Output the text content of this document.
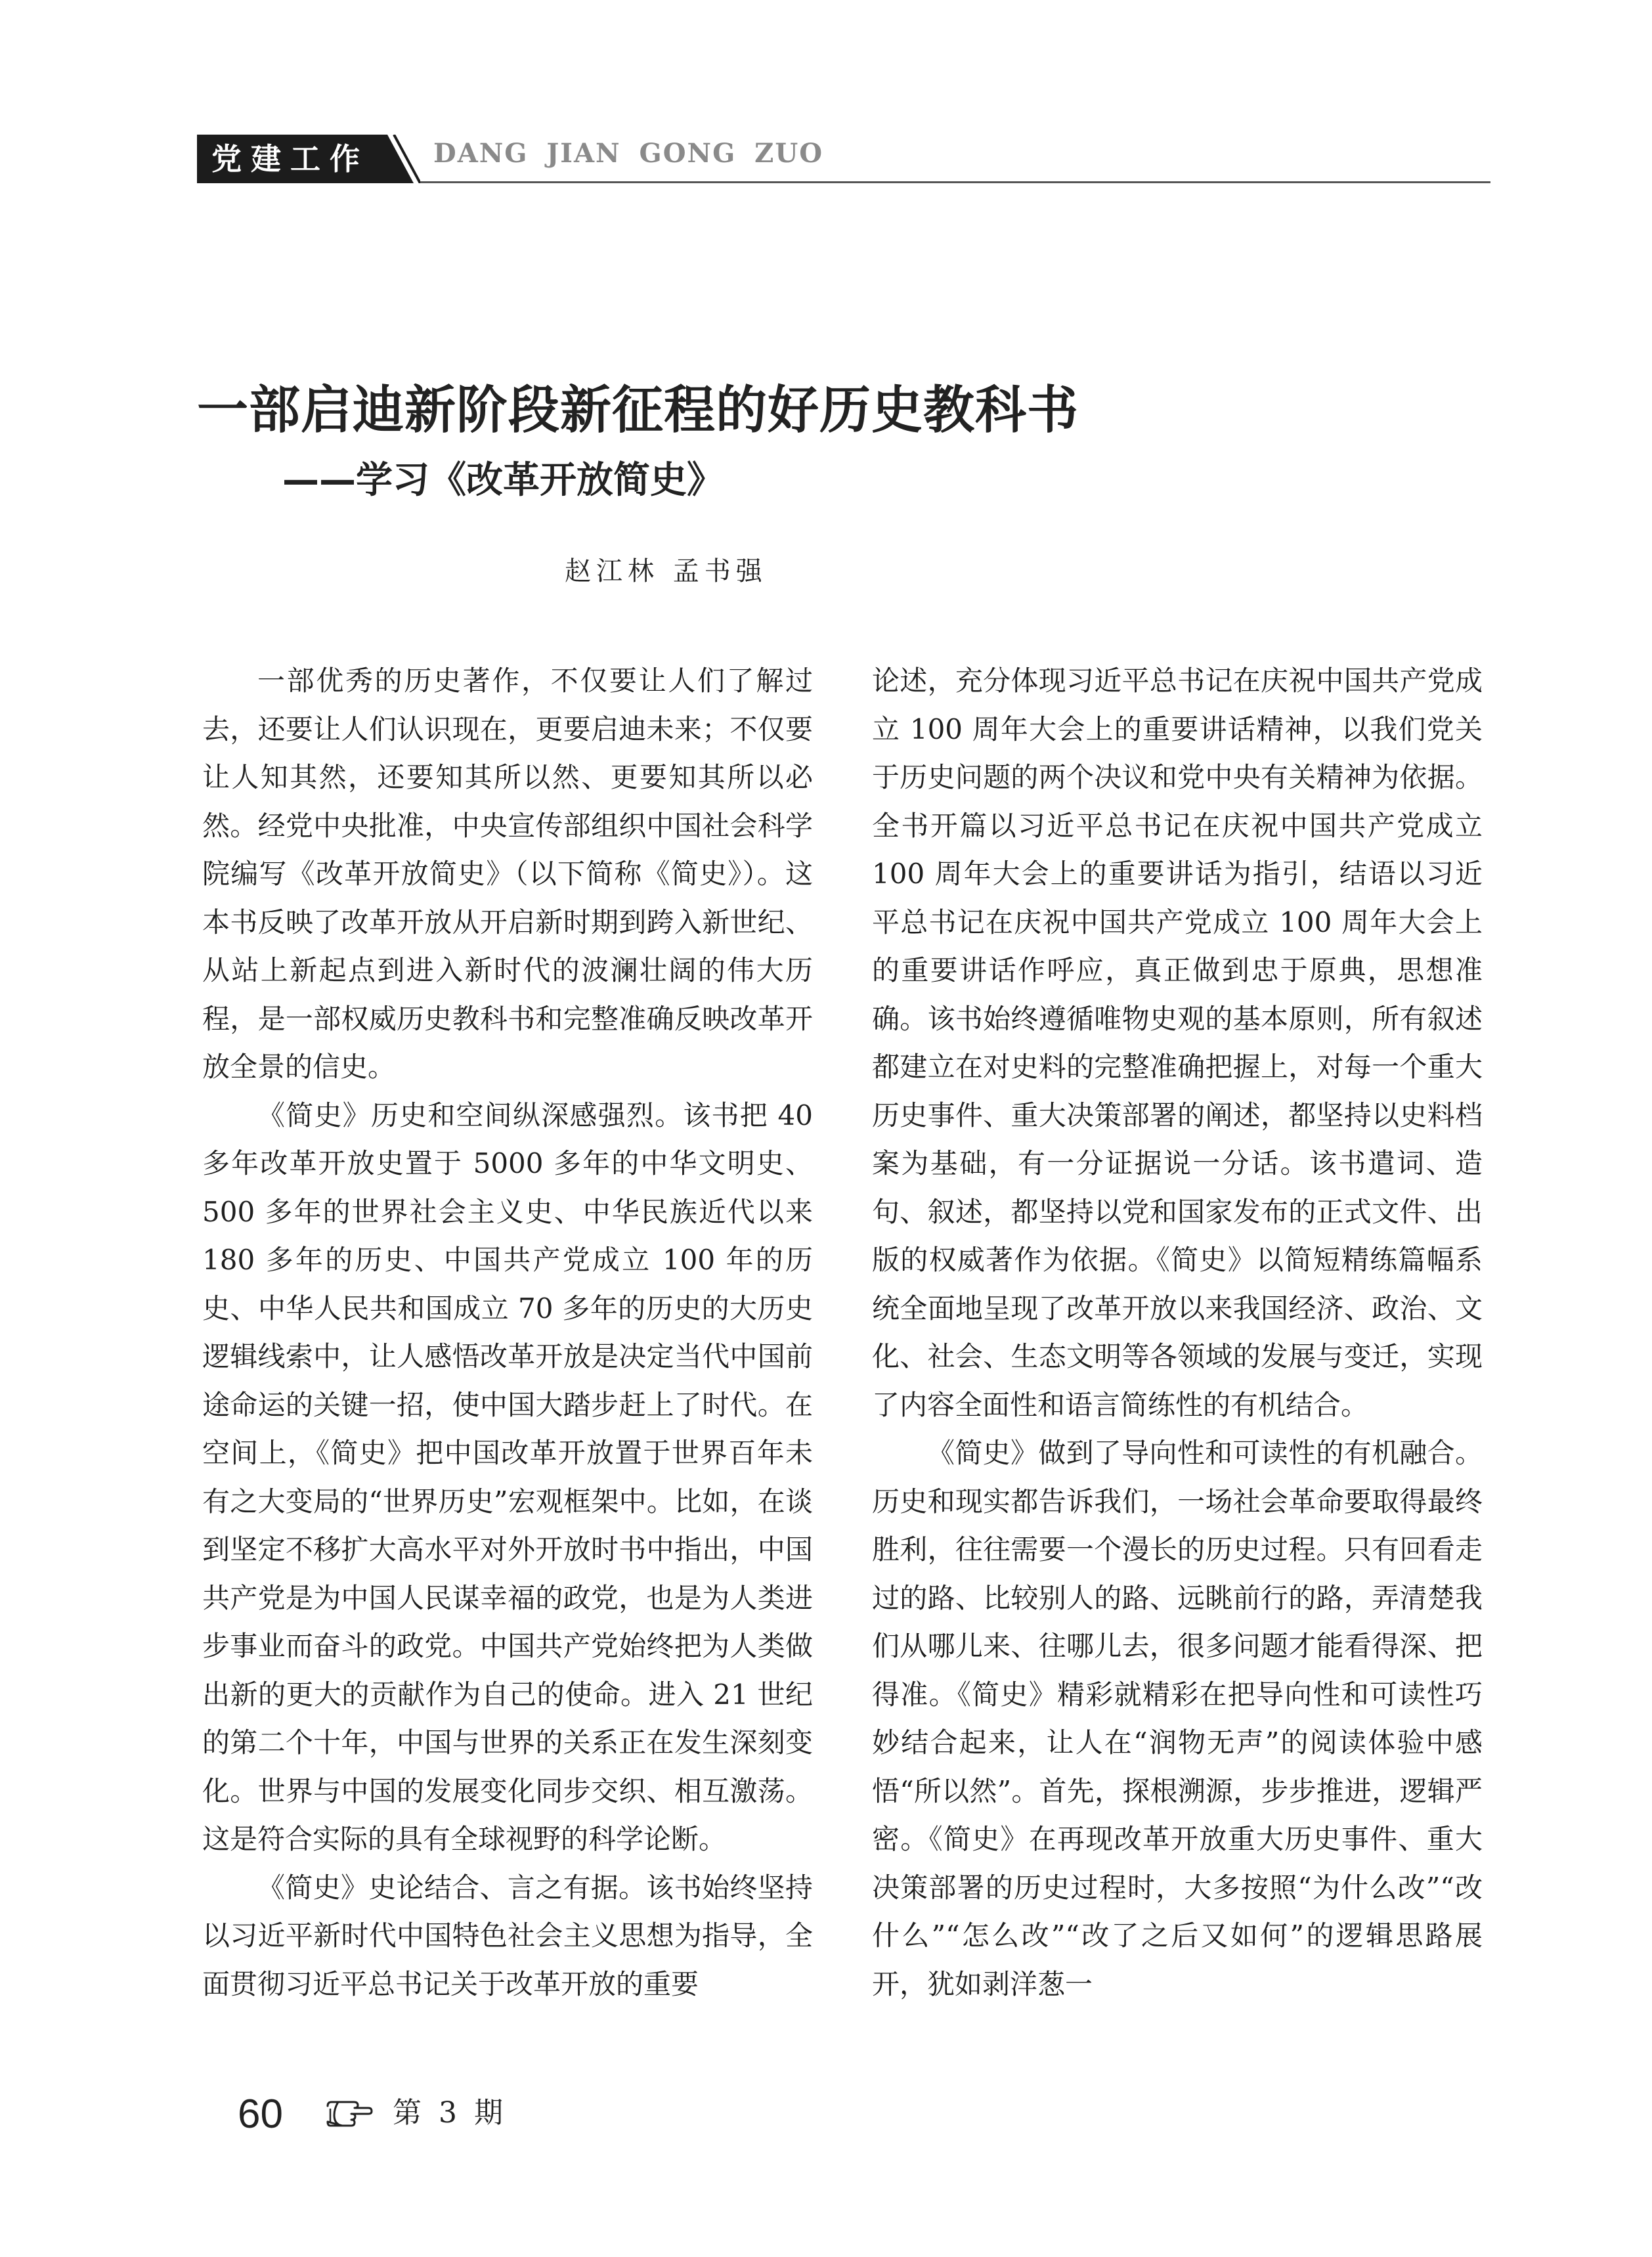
党建工作 DANG JIAN GONG ZUO
一部启迪新阶段新征程的好历史教科书
——学习《改革开放简史》
赵江林 孟书强

一部优秀的历史著作，不仅要让人们了解过去，还要让人们认识现在，更要启迪未来；不仅要让人知其然，还要知其所以然、更要知其所以必然。经党中央批准，中央宣传部组织中国社会科学院编写《改革开放简史》（以下简称《简史》）。这本书反映了改革开放从开启新时期到跨入新世纪、从站上新起点到进入新时代的波澜壮阔的伟大历程，是一部权威历史教科书和完整准确反映改革开放全景的信史。

《简史》历史和空间纵深感强烈。该书把 40 多年改革开放史置于 5000 多年的中华文明史、500 多年的世界社会主义史、中华民族近代以来 180 多年的历史、中国共产党成立 100 年的历史、中华人民共和国成立 70 多年的历史的大历史逻辑线索中，让人感悟改革开放是决定当代中国前途命运的关键一招，使中国大踏步赶上了时代。在空间上，《简史》把中国改革开放置于世界百年未有之大变局的“世界历史”宏观框架中。比如，在谈到坚定不移扩大高水平对外开放时书中指出，中国共产党是为中国人民谋幸福的政党，也是为人类进步事业而奋斗的政党。中国共产党始终把为人类做出新的更大的贡献作为自己的使命。进入 21 世纪的第二个十年，中国与世界的关系正在发生深刻变化。世界与中国的发展变化同步交织、相互激荡。这是符合实际的具有全球视野的科学论断。

《简史》史论结合、言之有据。该书始终坚持以习近平新时代中国特色社会主义思想为指导，全面贯彻习近平总书记关于改革开放的重要

论述，充分体现习近平总书记在庆祝中国共产党成立 100 周年大会上的重要讲话精神，以我们党关于历史问题的两个决议和党中央有关精神为依据。全书开篇以习近平总书记在庆祝中国共产党成立 100 周年大会上的重要讲话为指引，结语以习近平总书记在庆祝中国共产党成立 100 周年大会上的重要讲话作呼应，真正做到忠于原典，思想准确。该书始终遵循唯物史观的基本原则，所有叙述都建立在对史料的完整准确把握上，对每一个重大历史事件、重大决策部署的阐述，都坚持以史料档案为基础，有一分证据说一分话。该书遣词、造句、叙述，都坚持以党和国家发布的正式文件、出版的权威著作为依据。《简史》以简短精练篇幅系统全面地呈现了改革开放以来我国经济、政治、文化、社会、生态文明等各领域的发展与变迁，实现了内容全面性和语言简练性的有机结合。

《简史》做到了导向性和可读性的有机融合。历史和现实都告诉我们，一场社会革命要取得最终胜利，往往需要一个漫长的历史过程。只有回看走过的路、比较别人的路、远眺前行的路，弄清楚我们从哪儿来、往哪儿去，很多问题才能看得深、把得准。《简史》精彩就精彩在把导向性和可读性巧妙结合起来，让人在“润物无声”的阅读体验中感悟“所以然”。首先，探根溯源，步步推进，逻辑严密。《简史》在再现改革开放重大历史事件、重大决策部署的历史过程时，大多按照“为什么改”“改什么”“怎么改”“改了之后又如何”的逻辑思路展开，犹如剥洋葱一

60	第 3 期
